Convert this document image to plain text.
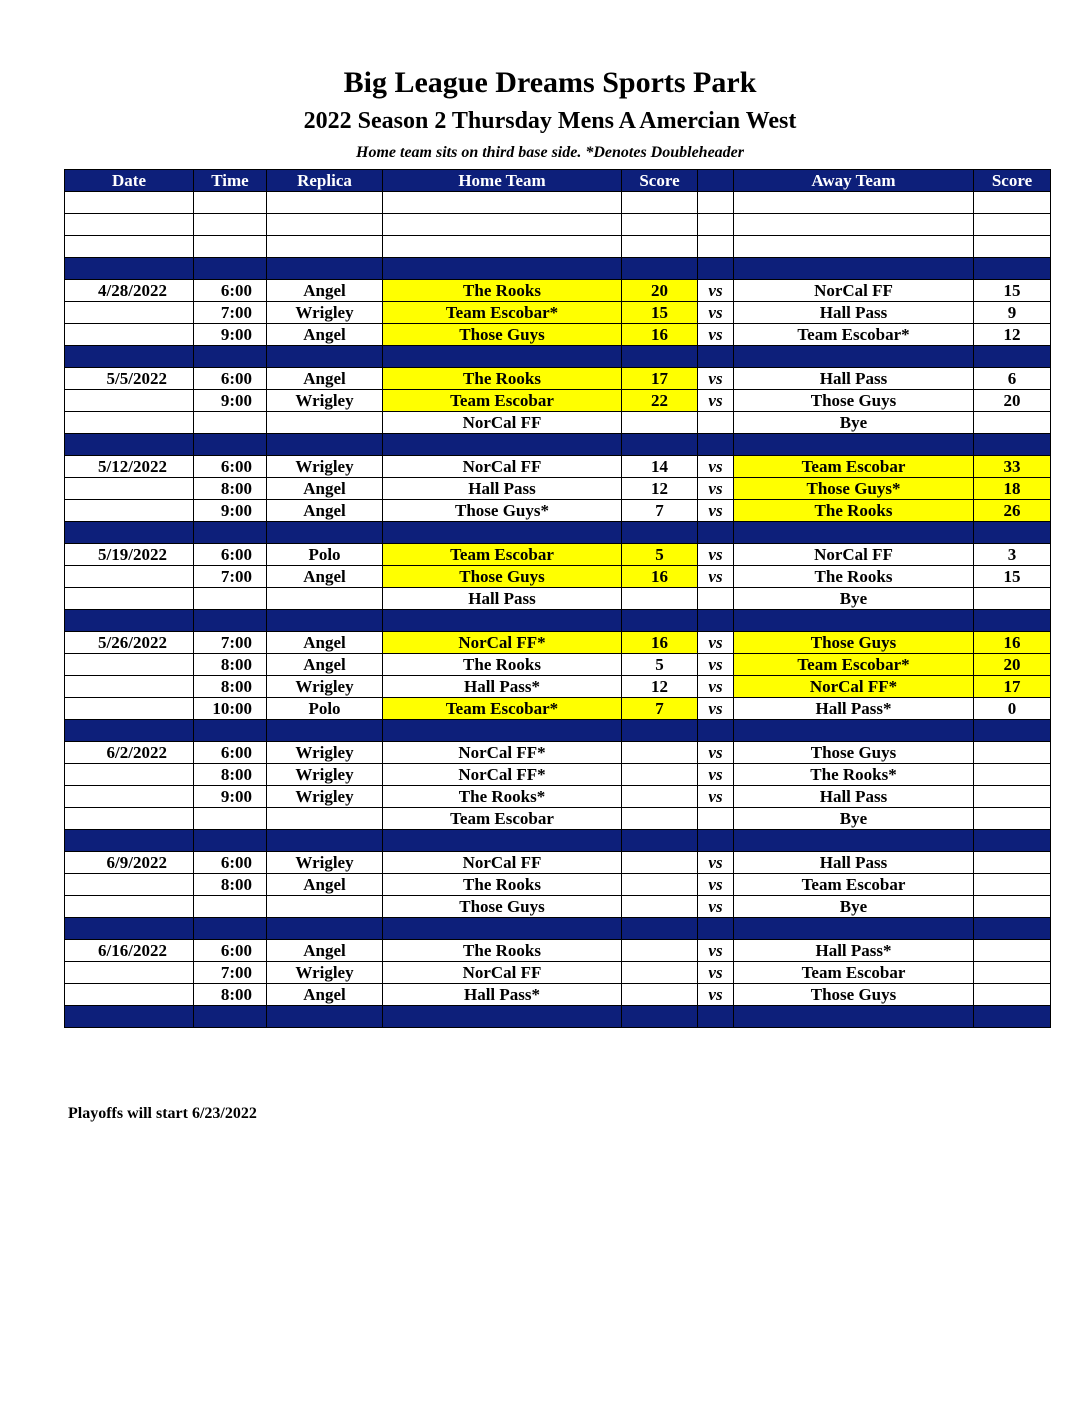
Big League Dreams Sports Park
2022 Season 2 Thursday Mens A Amercian West

Home team sits on third base side. *Denotes Doubleheader

Date	Time	Replica	Home Team	Score		Away Team	Score

4/28/2022	6:00	Angel	The Rooks	20	vs	NorCal FF	15
	7:00	Wrigley	Team Escobar*	15	vs	Hall Pass	9
	9:00	Angel	Those Guys	16	vs	Team Escobar*	12

5/5/2022	6:00	Angel	The Rooks	17	vs	Hall Pass	6
	9:00	Wrigley	Team Escobar	22	vs	Those Guys	20
			NorCal FF			Bye	

5/12/2022	6:00	Wrigley	NorCal FF	14	vs	Team Escobar	33
	8:00	Angel	Hall Pass	12	vs	Those Guys*	18
	9:00	Angel	Those Guys*	7	vs	The Rooks	26

5/19/2022	6:00	Polo	Team Escobar	5	vs	NorCal FF	3
	7:00	Angel	Those Guys	16	vs	The Rooks	15
			Hall Pass			Bye	

5/26/2022	7:00	Angel	NorCal FF*	16	vs	Those Guys	16
	8:00	Angel	The Rooks	5	vs	Team Escobar*	20
	8:00	Wrigley	Hall Pass*	12	vs	NorCal FF*	17
	10:00	Polo	Team Escobar*	7	vs	Hall Pass*	0

6/2/2022	6:00	Wrigley	NorCal FF*		vs	Those Guys	
	8:00	Wrigley	NorCal FF*		vs	The Rooks*	
	9:00	Wrigley	The Rooks*		vs	Hall Pass	
			Team Escobar			Bye	

6/9/2022	6:00	Wrigley	NorCal FF		vs	Hall Pass	
	8:00	Angel	The Rooks		vs	Team Escobar	
			Those Guys		vs	Bye	

6/16/2022	6:00	Angel	The Rooks		vs	Hall Pass*	
	7:00	Wrigley	NorCal FF		vs	Team Escobar	
	8:00	Angel	Hall Pass*		vs	Those Guys	

Playoffs will start 6/23/2022
